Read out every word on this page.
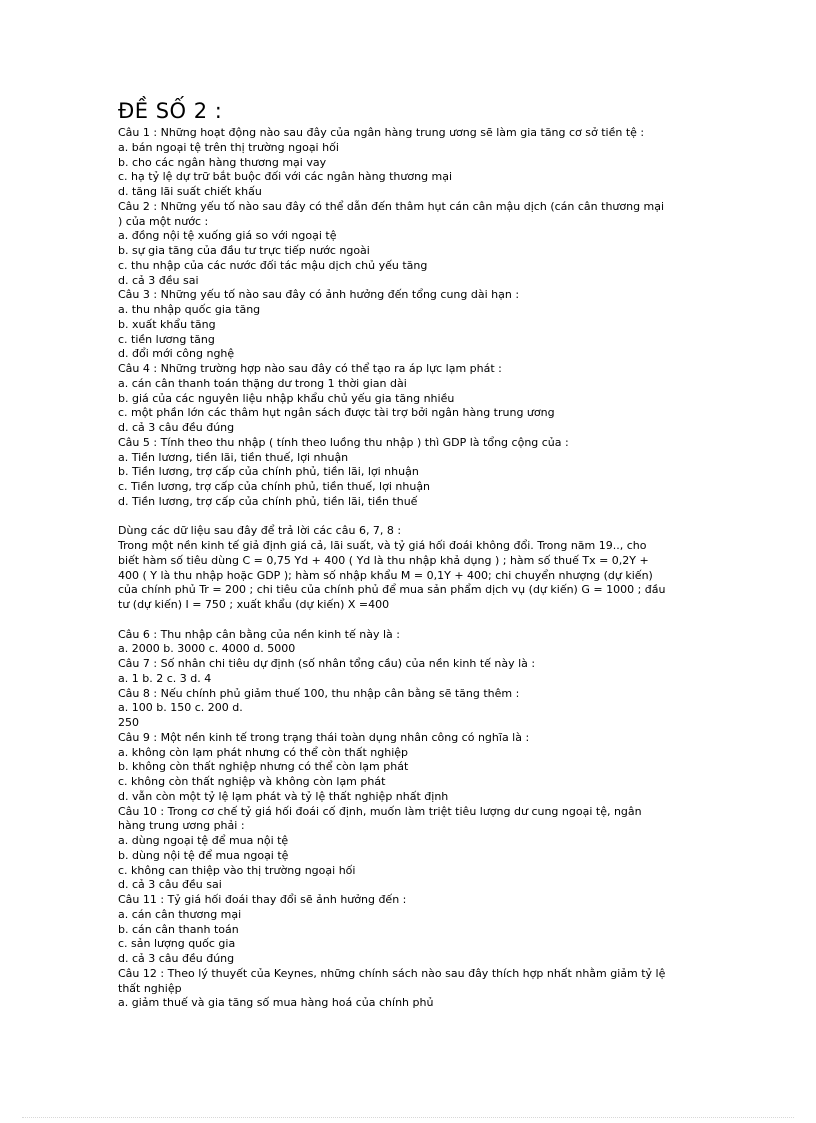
ĐỀ SỐ 2 :
Câu 1 : Những hoạt động nào sau đây của ngân hàng trung ương sẽ làm gia tăng cơ sở tiền tệ :
a. bán ngoại tệ trên thị trường ngoại hối
b. cho các ngân hàng thương mại vay
c. hạ tỷ lệ dự trữ bắt buộc đối với các ngân hàng thương mại
d. tăng lãi suất chiết khấu
Câu 2 : Những yếu tố nào sau đây có thể dẫn đến thâm hụt cán cân mậu dịch (cán cân thương mại
) của một nước :
a. đồng nội tệ xuống giá so với ngoại tệ
b. sự gia tăng của đầu tư trực tiếp nước ngoài
c. thu nhập của các nước đối tác mậu dịch chủ yếu tăng
d. cả 3 đều sai
Câu 3 : Những yếu tố nào sau đây có ảnh hưởng đến tổng cung dài hạn :
a. thu nhập quốc gia tăng
b. xuất khẩu tăng
c. tiền lương tăng
d. đổi mới công nghệ
Câu 4 : Những trường hợp nào sau đây có thể tạo ra áp lực lạm phát :
a. cán cân thanh toán thặng dư trong 1 thời gian dài
b. giá của các nguyên liệu nhập khẩu chủ yếu gia tăng nhiều
c. một phần lớn các thâm hụt ngân sách được tài trợ bởi ngân hàng trung ương
d. cả 3 câu đều đúng
Câu 5 : Tính theo thu nhập ( tính theo luồng thu nhập ) thì GDP là tổng cộng của :
a. Tiền lương, tiền lãi, tiền thuế, lợi nhuận
b. Tiền lương, trợ cấp của chính phủ, tiền lãi, lợi nhuận
c. Tiền lương, trợ cấp của chính phủ, tiền thuế, lợi nhuận
d. Tiền lương, trợ cấp của chính phủ, tiền lãi, tiền thuế
Dùng các dữ liệu sau đây để trả lời các câu 6, 7, 8 :
Trong một nền kinh tế giả định giá cả, lãi suất, và tỷ giá hối đoái không đổi. Trong năm 19.., cho
biết hàm số tiêu dùng C = 0,75 Yd + 400 ( Yd là thu nhập khả dụng ) ; hàm số thuế Tx = 0,2Y +
400 ( Y là thu nhập hoặc GDP ); hàm số nhập khẩu M = 0,1Y + 400; chi chuyển nhượng (dự kiến)
của chính phủ Tr = 200 ; chi tiêu của chính phủ để mua sản phẩm dịch vụ (dự kiến) G = 1000 ; đầu
tư (dự kiến) I = 750 ; xuất khẩu (dự kiến) X =400
Câu 6 : Thu nhập cân bằng của nền kinh tế này là :
a. 2000 b. 3000 c. 4000 d. 5000
Câu 7 : Số nhân chi tiêu dự định (số nhân tổng cầu) của nền kinh tế này là :
a. 1 b. 2 c. 3 d. 4
Câu 8 : Nếu chính phủ giảm thuế 100, thu nhập cân bằng sẽ tăng thêm :
a. 100 b. 150 c. 200 d.
250
Câu 9 : Một nền kinh tế trong trạng thái toàn dụng nhân công có nghĩa là :
a. không còn lạm phát nhưng có thể còn thất nghiệp
b. không còn thất nghiệp nhưng có thể còn lạm phát
c. không còn thất nghiệp và không còn lạm phát
d. vẫn còn một tỷ lệ lạm phát và tỷ lệ thất nghiệp nhất định
Câu 10 : Trong cơ chế tỷ giá hối đoái cố định, muốn làm triệt tiêu lượng dư cung ngoại tệ, ngân
hàng trung ương phải :
a. dùng ngoại tệ để mua nội tệ
b. dùng nội tệ để mua ngoại tệ
c. không can thiệp vào thị trường ngoại hối
d. cả 3 câu đều sai
Câu 11 : Tỷ giá hối đoái thay đổi sẽ ảnh hưởng đến :
a. cán cân thương mại
b. cán cân thanh toán
c. sản lượng quốc gia
d. cả 3 câu đều đúng
Câu 12 : Theo lý thuyết của Keynes, những chính sách nào sau đây thích hợp nhất nhằm giảm tỷ lệ
thất nghiệp
a. giảm thuế và gia tăng số mua hàng hoá của chính phủ
